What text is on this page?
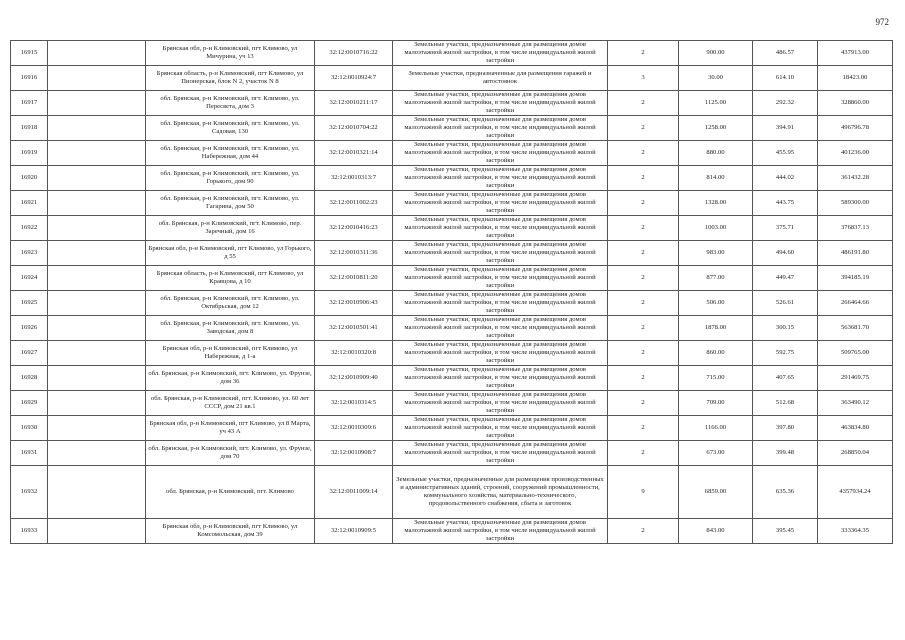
972
16915		Брянская обл, р-н Климовский, пгт Климово, ул Мичурина, уч 13	32:12:0010716:22	Земельные участки, предназначенные для размещения домов малоэтажной жилой застройки, в том числе индивидуальной жилой застройки	2	900.00	486.57	437913.00
16916		Брянская область, р-н Климовский, пгт Климово, ул Пионерская, блок N 2, участок N 8	32:12:0010924:7	Земельные участки, предназначенные для размещения гаражей и автостоянок	3	30.00	614.10	18423.00
16917		обл. Брянская, р-н Климовский, пгт. Климово, ул. Пересвета, дом 3	32:12:0010211:17	Земельные участки, предназначенные для размещения домов малоэтажной жилой застройки, в том числе индивидуальной жилой застройки	2	1125.00	292.32	328860.00
16918		обл. Брянская, р-н Климовский, пгт. Климово, ул. Садовая, 130	32:12:0010704:22	Земельные участки, предназначенные для размещения домов малоэтажной жилой застройки, в том числе индивидуальной жилой застройки	2	1258.00	394.91	496796.78
16919		обл. Брянская, р-н Климовский, пгт. Климово, ул. Набережная, дом 44	32:12:0010321:14	Земельные участки, предназначенные для размещения домов малоэтажной жилой застройки, в том числе индивидуальной жилой застройки	2	880.00	455.95	401236.00
16920		обл. Брянская, р-н Климовский, пгт. Климово, ул. Горького, дом 90	32:12:0010313:7	Земельные участки, предназначенные для размещения домов малоэтажной жилой застройки, в том числе индивидуальной жилой застройки	2	814.00	444.02	361432.28
16921		обл. Брянская, р-н Климовский, пгт. Климово, ул. Гагарина, дом 50	32:12:0011002:23	Земельные участки, предназначенные для размещения домов малоэтажной жилой застройки, в том числе индивидуальной жилой застройки	2	1328.00	443.75	589300.00
16922		обл. Брянская, р-н Климовский, пгт. Климово, пер. Заречный, дом 16	32:12:0010416:23	Земельные участки, предназначенные для размещения домов малоэтажной жилой застройки, в том числе индивидуальной жилой застройки	2	1003.00	375.71	376837.13
16923		Брянская обл, р-н Климовский, пгт Климово, ул Горького, д 55	32:12:0010311:36	Земельные участки, предназначенные для размещения домов малоэтажной жилой застройки, в том числе индивидуальной жилой застройки	2	983.00	494.60	486191.80
16924		Брянская область, р-н Климовский, пгт Климово, ул Кравцова, д 10	32:12:0010811:20	Земельные участки, предназначенные для размещения домов малоэтажной жилой застройки, в том числе индивидуальной жилой застройки	2	877.00	449.47	394185.19
16925		обл. Брянская, р-н Климовский, пгт. Климово, ул. Октябрьская, дом 12	32:12:0010906:43	Земельные участки, предназначенные для размещения домов малоэтажной жилой застройки, в том числе индивидуальной жилой застройки	2	506.00	526.61	266464.66
16926		обл. Брянская, р-н Климовский, пгт. Климово, ул. Заводская, дом 8	32:12:0010501:41	Земельные участки, предназначенные для размещения домов малоэтажной жилой застройки, в том числе индивидуальной жилой застройки	2	1878.00	300.15	563681.70
16927		Брянская обл, р-н Климовский, пгт Климово, ул Набережная, д 1-а	32:12:0010320:8	Земельные участки, предназначенные для размещения домов малоэтажной жилой застройки, в том числе индивидуальной жилой застройки	2	860.00	592.75	509765.00
16928		обл. Брянская, р-н Климовский, пгт. Климово, ул. Фрунзе, дом 36	32:12:0010909:40	Земельные участки, предназначенные для размещения домов малоэтажной жилой застройки, в том числе индивидуальной жилой застройки	2	715.00	407.65	291469.75
16929		обл. Брянская, р-н Климовский, пгт. Климово, ул. 60 лет СССР, дом 21 кв.1	32:12:0010314:5	Земельные участки, предназначенные для размещения домов малоэтажной жилой застройки, в том числе индивидуальной жилой застройки	2	709.00	512.68	363490.12
16930		Брянская обл, р-н Климовский, пгт Климово, ул 8 Марта, уч 43 А	32:12:0010309:6	Земельные участки, предназначенные для размещения домов малоэтажной жилой застройки, в том числе индивидуальной жилой застройки	2	1166.00	397.80	463834.80
16931		обл. Брянская, р-н Климовский, пгт. Климово, ул. Фрунзе, дом 70	32:12:0010908:7	Земельные участки, предназначенные для размещения домов малоэтажной жилой застройки, в том числе индивидуальной жилой застройки	2	673.00	399.48	268850.04
16932		обл. Брянская, р-н Климовский, пгт. Климово	32:12:0011009:14	Земельные участки, предназначенные для размещения производственных и административных зданий, строений, сооружений промышленности, коммунального хозяйства, материально-технического, продовольственного снабжения, сбыта и заготовок	9	6859.00	635.36	4357934.24
16933		Брянская обл, р-н Климовский, пгт Климово, ул Комсомольская, дом 39	32:12:0010909:5	Земельные участки, предназначенные для размещения домов малоэтажной жилой застройки, в том числе индивидуальной жилой застройки	2	843.00	395.45	333364.35
